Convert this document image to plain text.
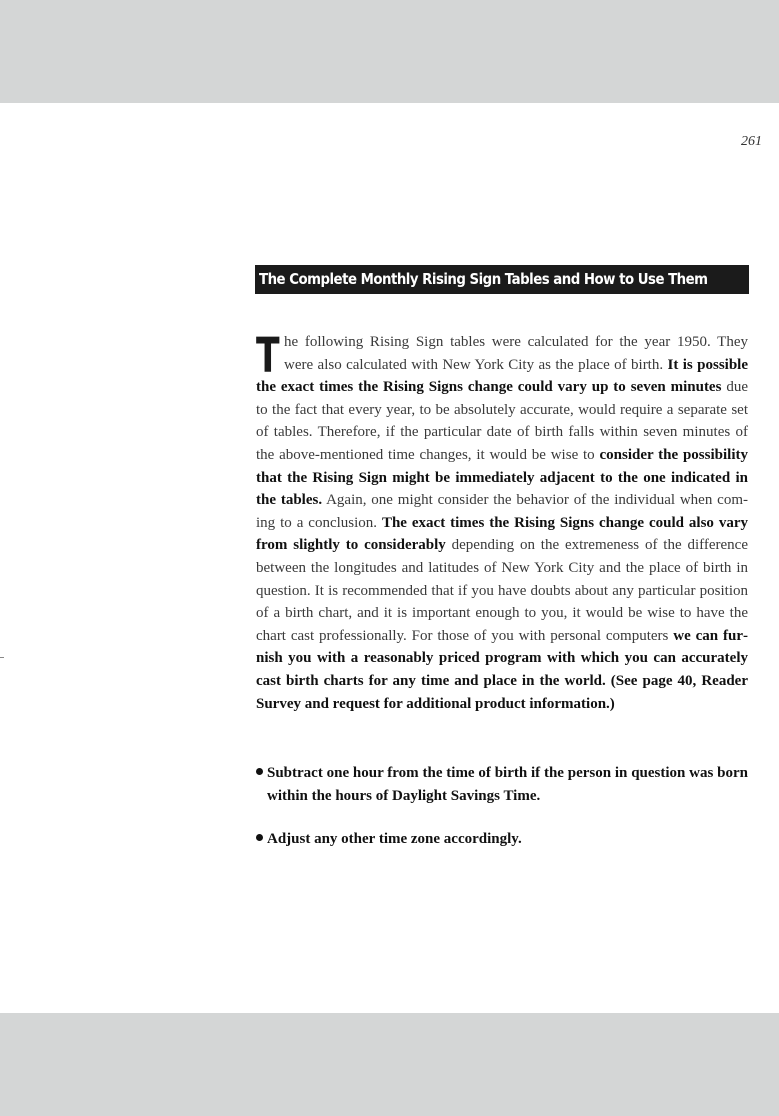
261
The Complete Monthly Rising Sign Tables and How to Use Them

T he following Rising Sign tables were calculated for the year 1950. They were also calculated with New York City as the place of birth. It is possible the exact times the Rising Signs change could vary up to seven minutes due to the fact that every year, to be absolutely accurate, would require a separate set of tables. Therefore, if the particular date of birth falls within seven minutes of the above-mentioned time changes, it would be wise to consider the possibility that the Rising Sign might be immediately adjacent to the one indicated in the tables. Again, one might consider the behavior of the individual when coming to a conclusion. The exact times the Rising Signs change could also vary from slightly to considerably depending on the extremeness of the difference between the longitudes and latitudes of New York City and the place of birth in question. It is recommended that if you have doubts about any particular position of a birth chart, and it is important enough to you, it would be wise to have the chart cast professionally. For those of you with personal computers we can furnish you with a reasonably priced program with which you can accurately cast birth charts for any time and place in the world. (See page 40, Reader Survey and request for additional product information.)

Subtract one hour from the time of birth if the person in question was born within the hours of Daylight Savings Time.
Adjust any other time zone accordingly.
